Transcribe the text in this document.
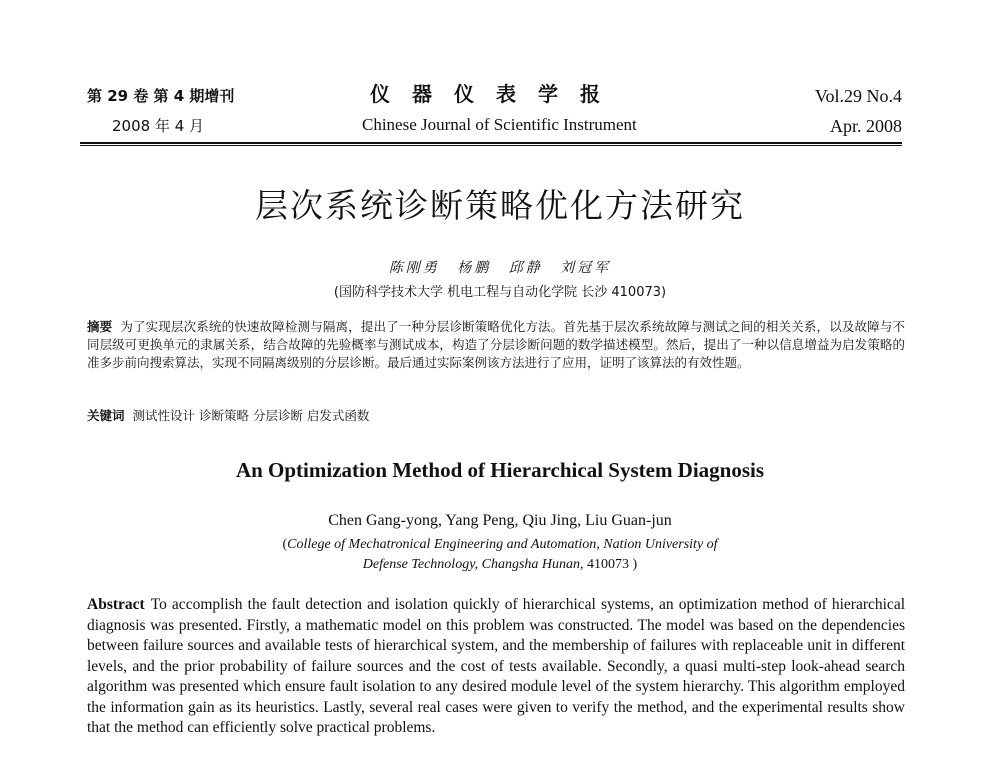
第 29 卷 第 4 期增刊
2008 年 4 月
仪器仪表学报
Chinese Journal of Scientific Instrument
Vol.29 No.4
Apr. 2008
层次系统诊断策略优化方法研究
陈刚勇 杨鹏 邱静 刘冠军
(国防科学技术大学 机电工程与自动化学院 长沙 410073)
摘要 为了实现层次系统的快速故障检测与隔离，提出了一种分层诊断策略优化方法。首先基于层次系统故障与测试之间的相关关系，以及故障与不同层级可更换单元的隶属关系，结合故障的先验概率与测试成本，构造了分层诊断问题的数学描述模型。然后，提出了一种以信息增益为启发策略的准多步前向搜索算法，实现不同隔离级别的分层诊断。最后通过实际案例该方法进行了应用，证明了该算法的有效性题。
关键词 测试性设计 诊断策略 分层诊断 启发式函数
An Optimization Method of Hierarchical System Diagnosis
Chen Gang-yong, Yang Peng, Qiu Jing, Liu Guan-jun
(College of Mechatronical Engineering and Automation, Nation University of
Defense Technology, Changsha Hunan, 410073 )
Abstract To accomplish the fault detection and isolation quickly of hierarchical systems, an optimization method of hierarchical diagnosis was presented. Firstly, a mathematic model on this problem was constructed. The model was based on the dependencies between failure sources and available tests of hierarchical system, and the membership of failures with replaceable unit in different levels, and the prior probability of failure sources and the cost of tests available. Secondly, a quasi multi-step look-ahead search algorithm was presented which ensure fault isolation to any desired module level of the system hierarchy. This algorithm employed the information gain as its heuristics. Lastly, several real cases were given to verify the method, and the experimental results show that the method can efficiently solve practical problems.
